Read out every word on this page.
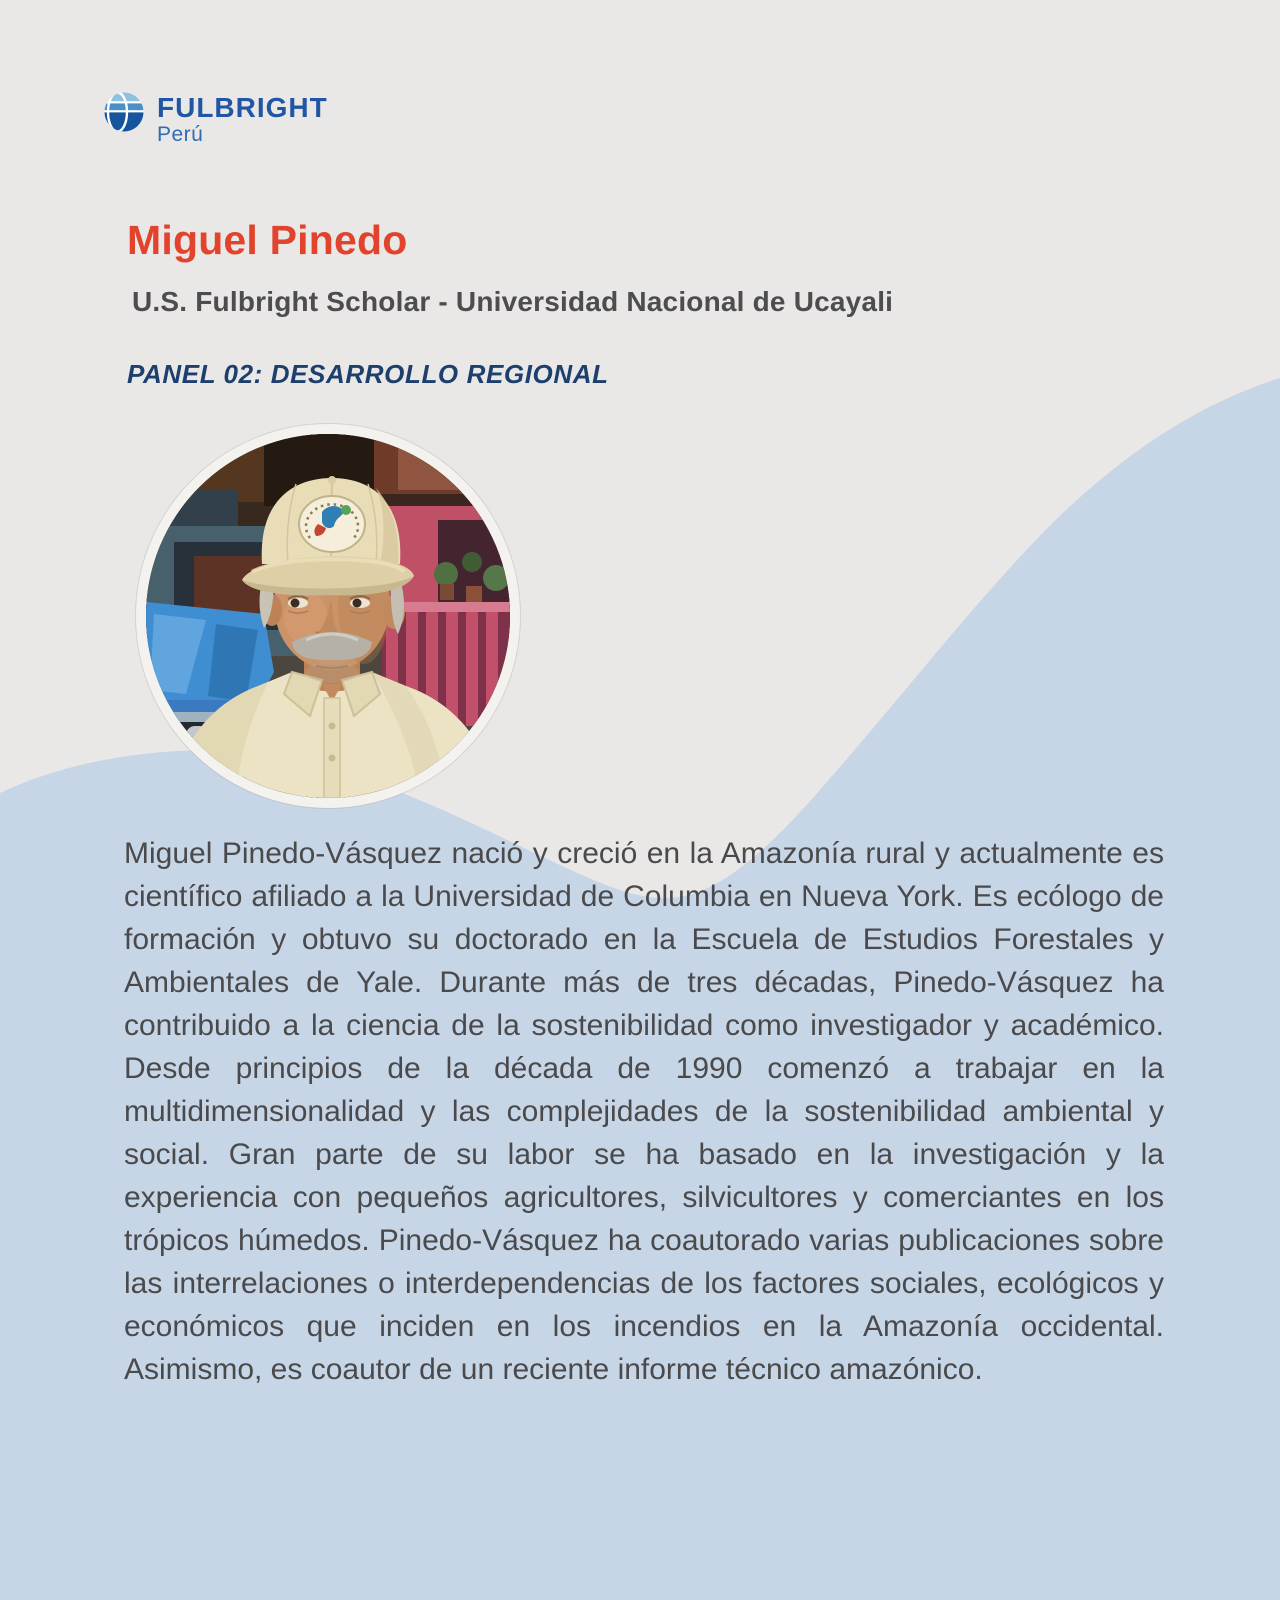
FULBRIGHT
Perú
Miguel Pinedo
U.S. Fulbright Scholar - Universidad Nacional de Ucayali
PANEL 02: DESARROLLO REGIONAL

Miguel Pinedo-Vásquez nació y creció en la Amazonía rural y actualmente es científico afiliado a la Universidad de Columbia en Nueva York. Es ecólogo de formación y obtuvo su doctorado en la Escuela de Estudios Forestales y Ambientales de Yale. Durante más de tres décadas, Pinedo-Vásquez ha contribuido a la ciencia de la sostenibilidad como investigador y académico. Desde principios de la década de 1990 comenzó a trabajar en la multidimensionalidad y las complejidades de la sostenibilidad ambiental y social. Gran parte de su labor se ha basado en la investigación y la experiencia con pequeños agricultores, silvicultores y comerciantes en los trópicos húmedos. Pinedo-Vásquez ha coautorado varias publicaciones sobre las interrelaciones o interdependencias de los factores sociales, ecológicos y económicos que inciden en los incendios en la Amazonía occidental. Asimismo, es coautor de un reciente informe técnico amazónico.
